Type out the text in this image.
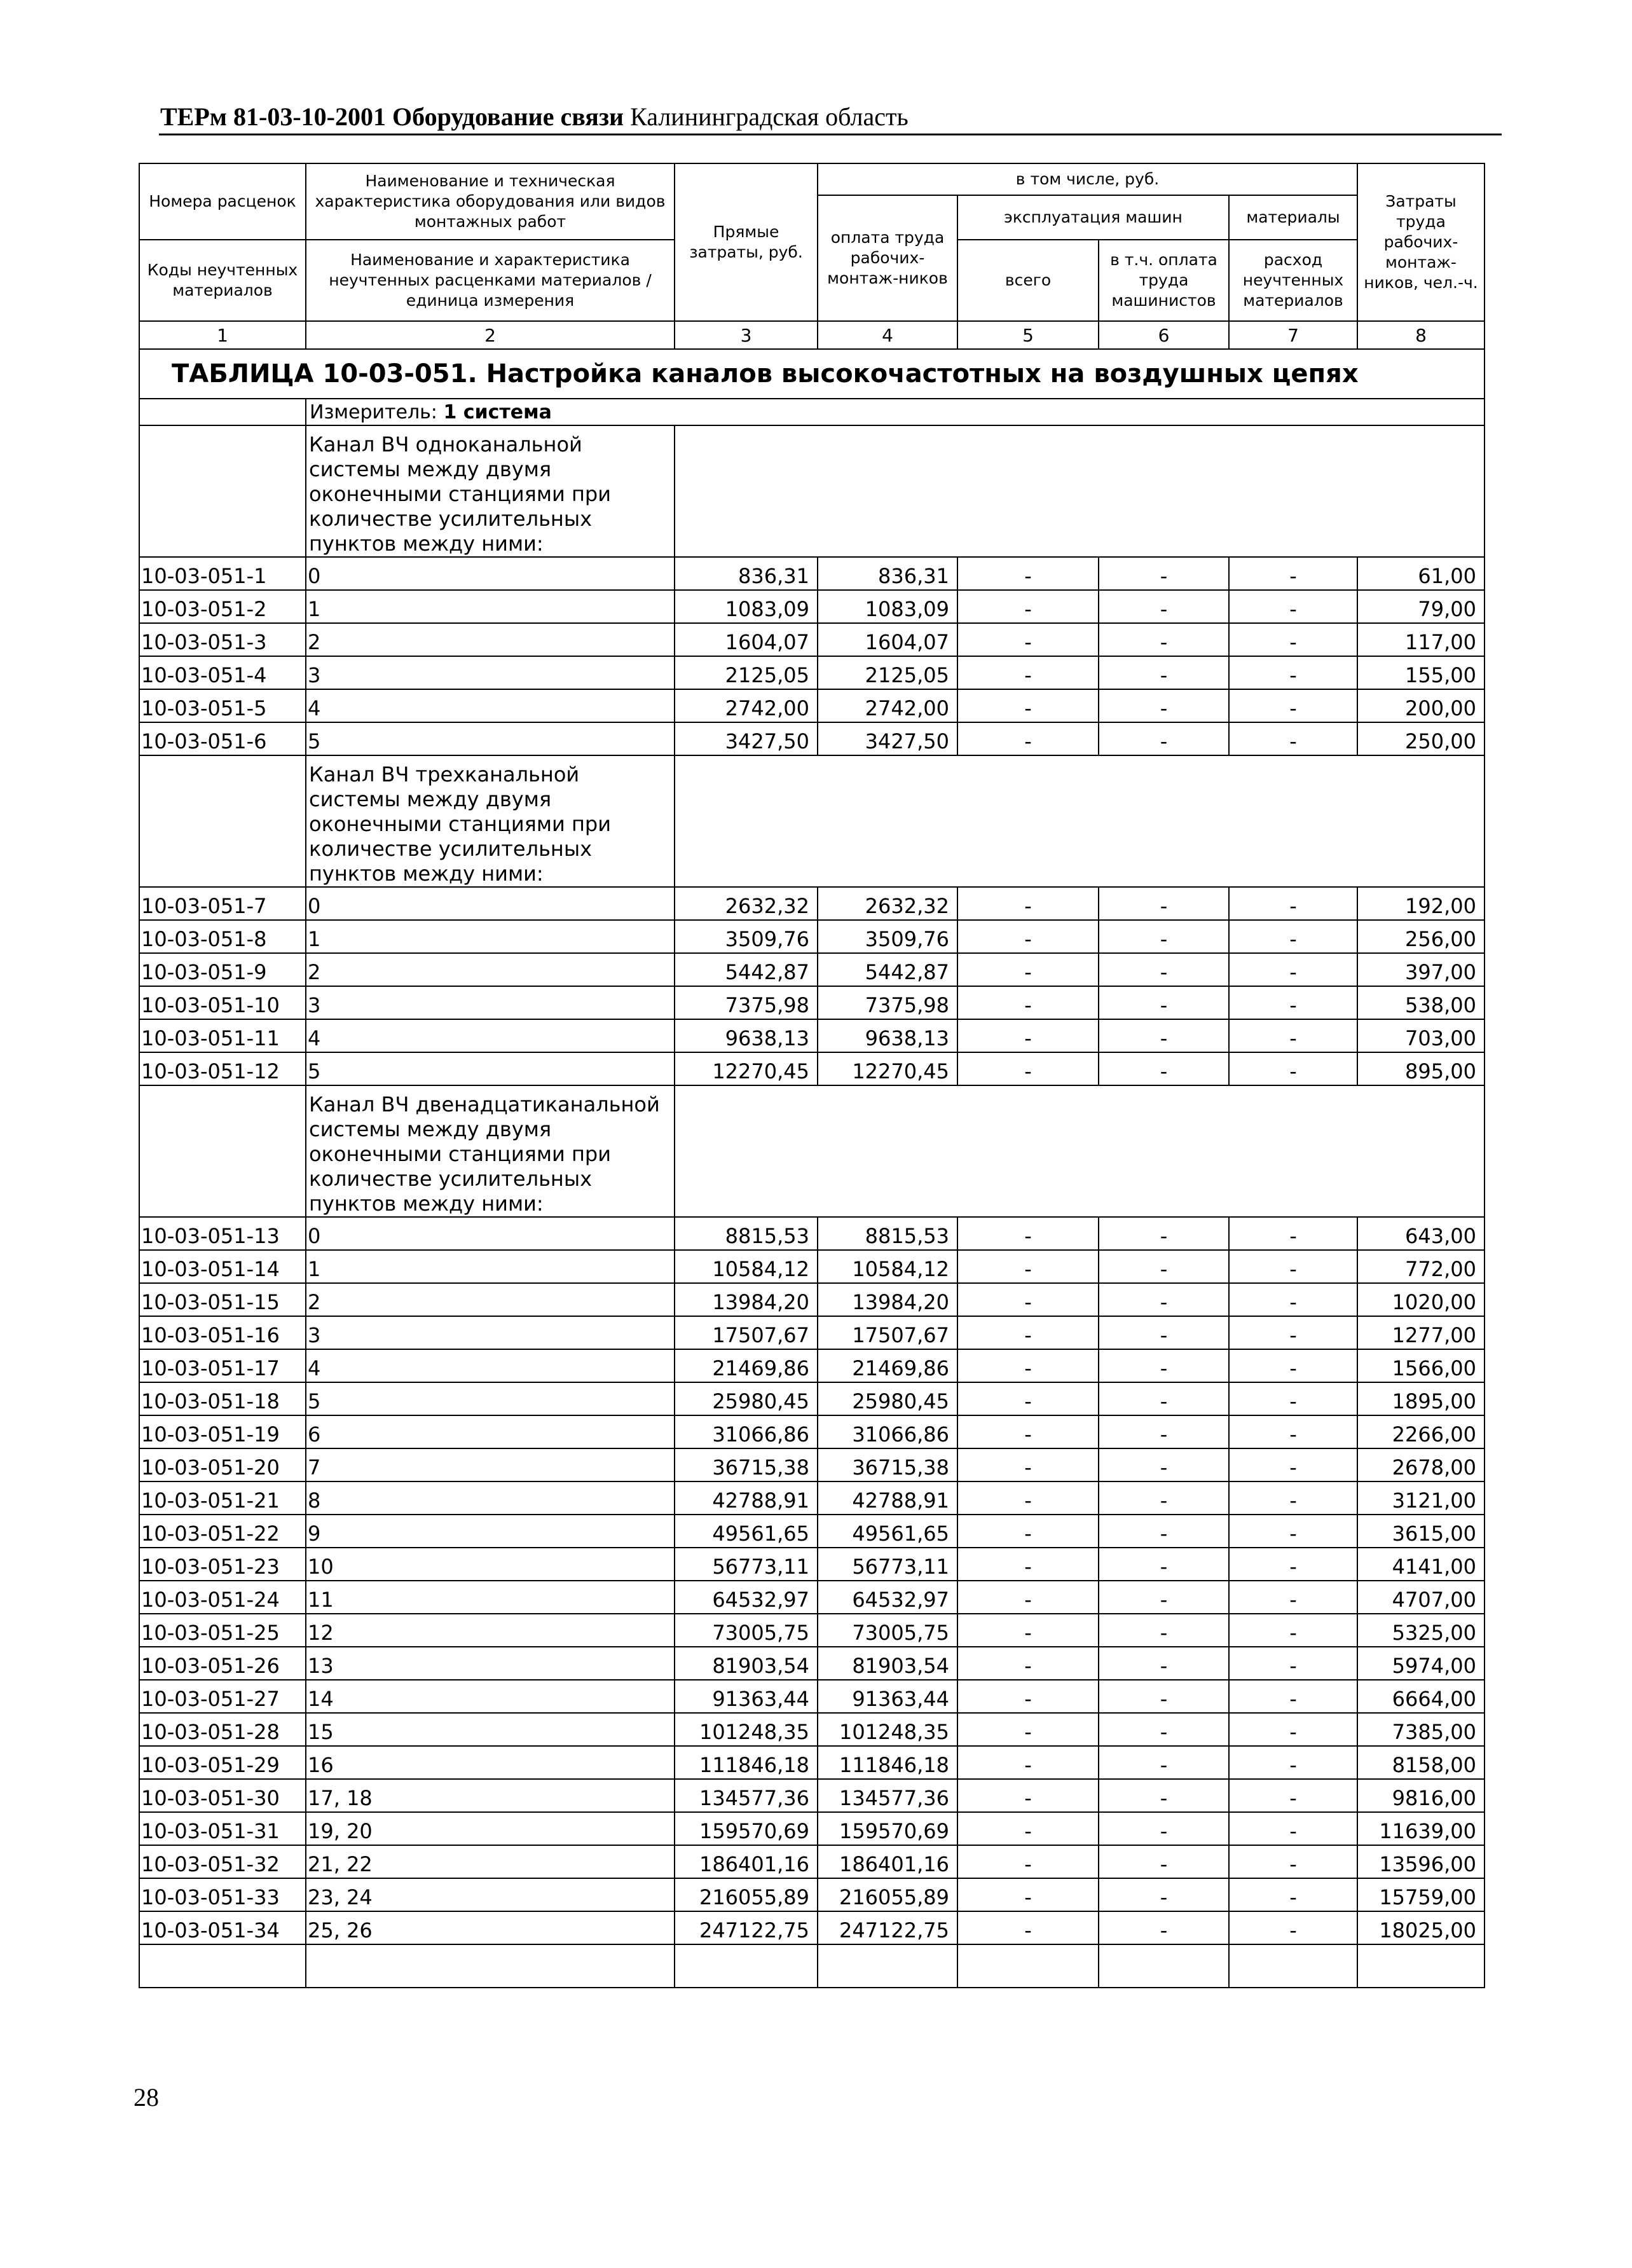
ТЕРм 81-03-10-2001 Оборудование связи Калининградская область
Номера расценок	Наименование и техническая характеристика оборудования или видов монтажных работ	Прямые затраты, руб.	в том числе, руб.				Затраты труда рабочих-монтаж-ников, чел.-ч.
			оплата труда рабочих-монтаж-ников	эксплуатация машин		материалы	
Коды неучтенных материалов	Наименование и характеристика неучтенных расценками материалов / единица измерения			всего	в т.ч. оплата труда машинистов	расход неучтенных материалов	

1	2	3	4	5	6	7	8
ТАБЛИЦА 10-03-051. Настройка каналов высокочастотных на воздушных цепях							
	Измеритель: 1 система						
	Канал ВЧ одноканальной системы между двумя оконечными станциями при количестве усилительных пунктов между ними:						
10-03-051-1	0	836,31	836,31	-	-	-	61,00
10-03-051-2	1	1083,09	1083,09	-	-	-	79,00
10-03-051-3	2	1604,07	1604,07	-	-	-	117,00
10-03-051-4	3	2125,05	2125,05	-	-	-	155,00
10-03-051-5	4	2742,00	2742,00	-	-	-	200,00
10-03-051-6	5	3427,50	3427,50	-	-	-	250,00
	Канал ВЧ трехканальной системы между двумя оконечными станциями при количестве усилительных пунктов между ними:						
10-03-051-7	0	2632,32	2632,32	-	-	-	192,00
10-03-051-8	1	3509,76	3509,76	-	-	-	256,00
10-03-051-9	2	5442,87	5442,87	-	-	-	397,00
10-03-051-10	3	7375,98	7375,98	-	-	-	538,00
10-03-051-11	4	9638,13	9638,13	-	-	-	703,00
10-03-051-12	5	12270,45	12270,45	-	-	-	895,00
	Канал ВЧ двенадцатиканальной системы между двумя оконечными станциями при количестве усилительных пунктов между ними:						
10-03-051-13	0	8815,53	8815,53	-	-	-	643,00
10-03-051-14	1	10584,12	10584,12	-	-	-	772,00
10-03-051-15	2	13984,20	13984,20	-	-	-	1020,00
10-03-051-16	3	17507,67	17507,67	-	-	-	1277,00
10-03-051-17	4	21469,86	21469,86	-	-	-	1566,00
10-03-051-18	5	25980,45	25980,45	-	-	-	1895,00
10-03-051-19	6	31066,86	31066,86	-	-	-	2266,00
10-03-051-20	7	36715,38	36715,38	-	-	-	2678,00
10-03-051-21	8	42788,91	42788,91	-	-	-	3121,00
10-03-051-22	9	49561,65	49561,65	-	-	-	3615,00
10-03-051-23	10	56773,11	56773,11	-	-	-	4141,00
10-03-051-24	11	64532,97	64532,97	-	-	-	4707,00
10-03-051-25	12	73005,75	73005,75	-	-	-	5325,00
10-03-051-26	13	81903,54	81903,54	-	-	-	5974,00
10-03-051-27	14	91363,44	91363,44	-	-	-	6664,00
10-03-051-28	15	101248,35	101248,35	-	-	-	7385,00
10-03-051-29	16	111846,18	111846,18	-	-	-	8158,00
10-03-051-30	17, 18	134577,36	134577,36	-	-	-	9816,00
10-03-051-31	19, 20	159570,69	159570,69	-	-	-	11639,00
10-03-051-32	21, 22	186401,16	186401,16	-	-	-	13596,00
10-03-051-33	23, 24	216055,89	216055,89	-	-	-	15759,00
10-03-051-34	25, 26	247122,75	247122,75	-	-	-	18025,00

28
